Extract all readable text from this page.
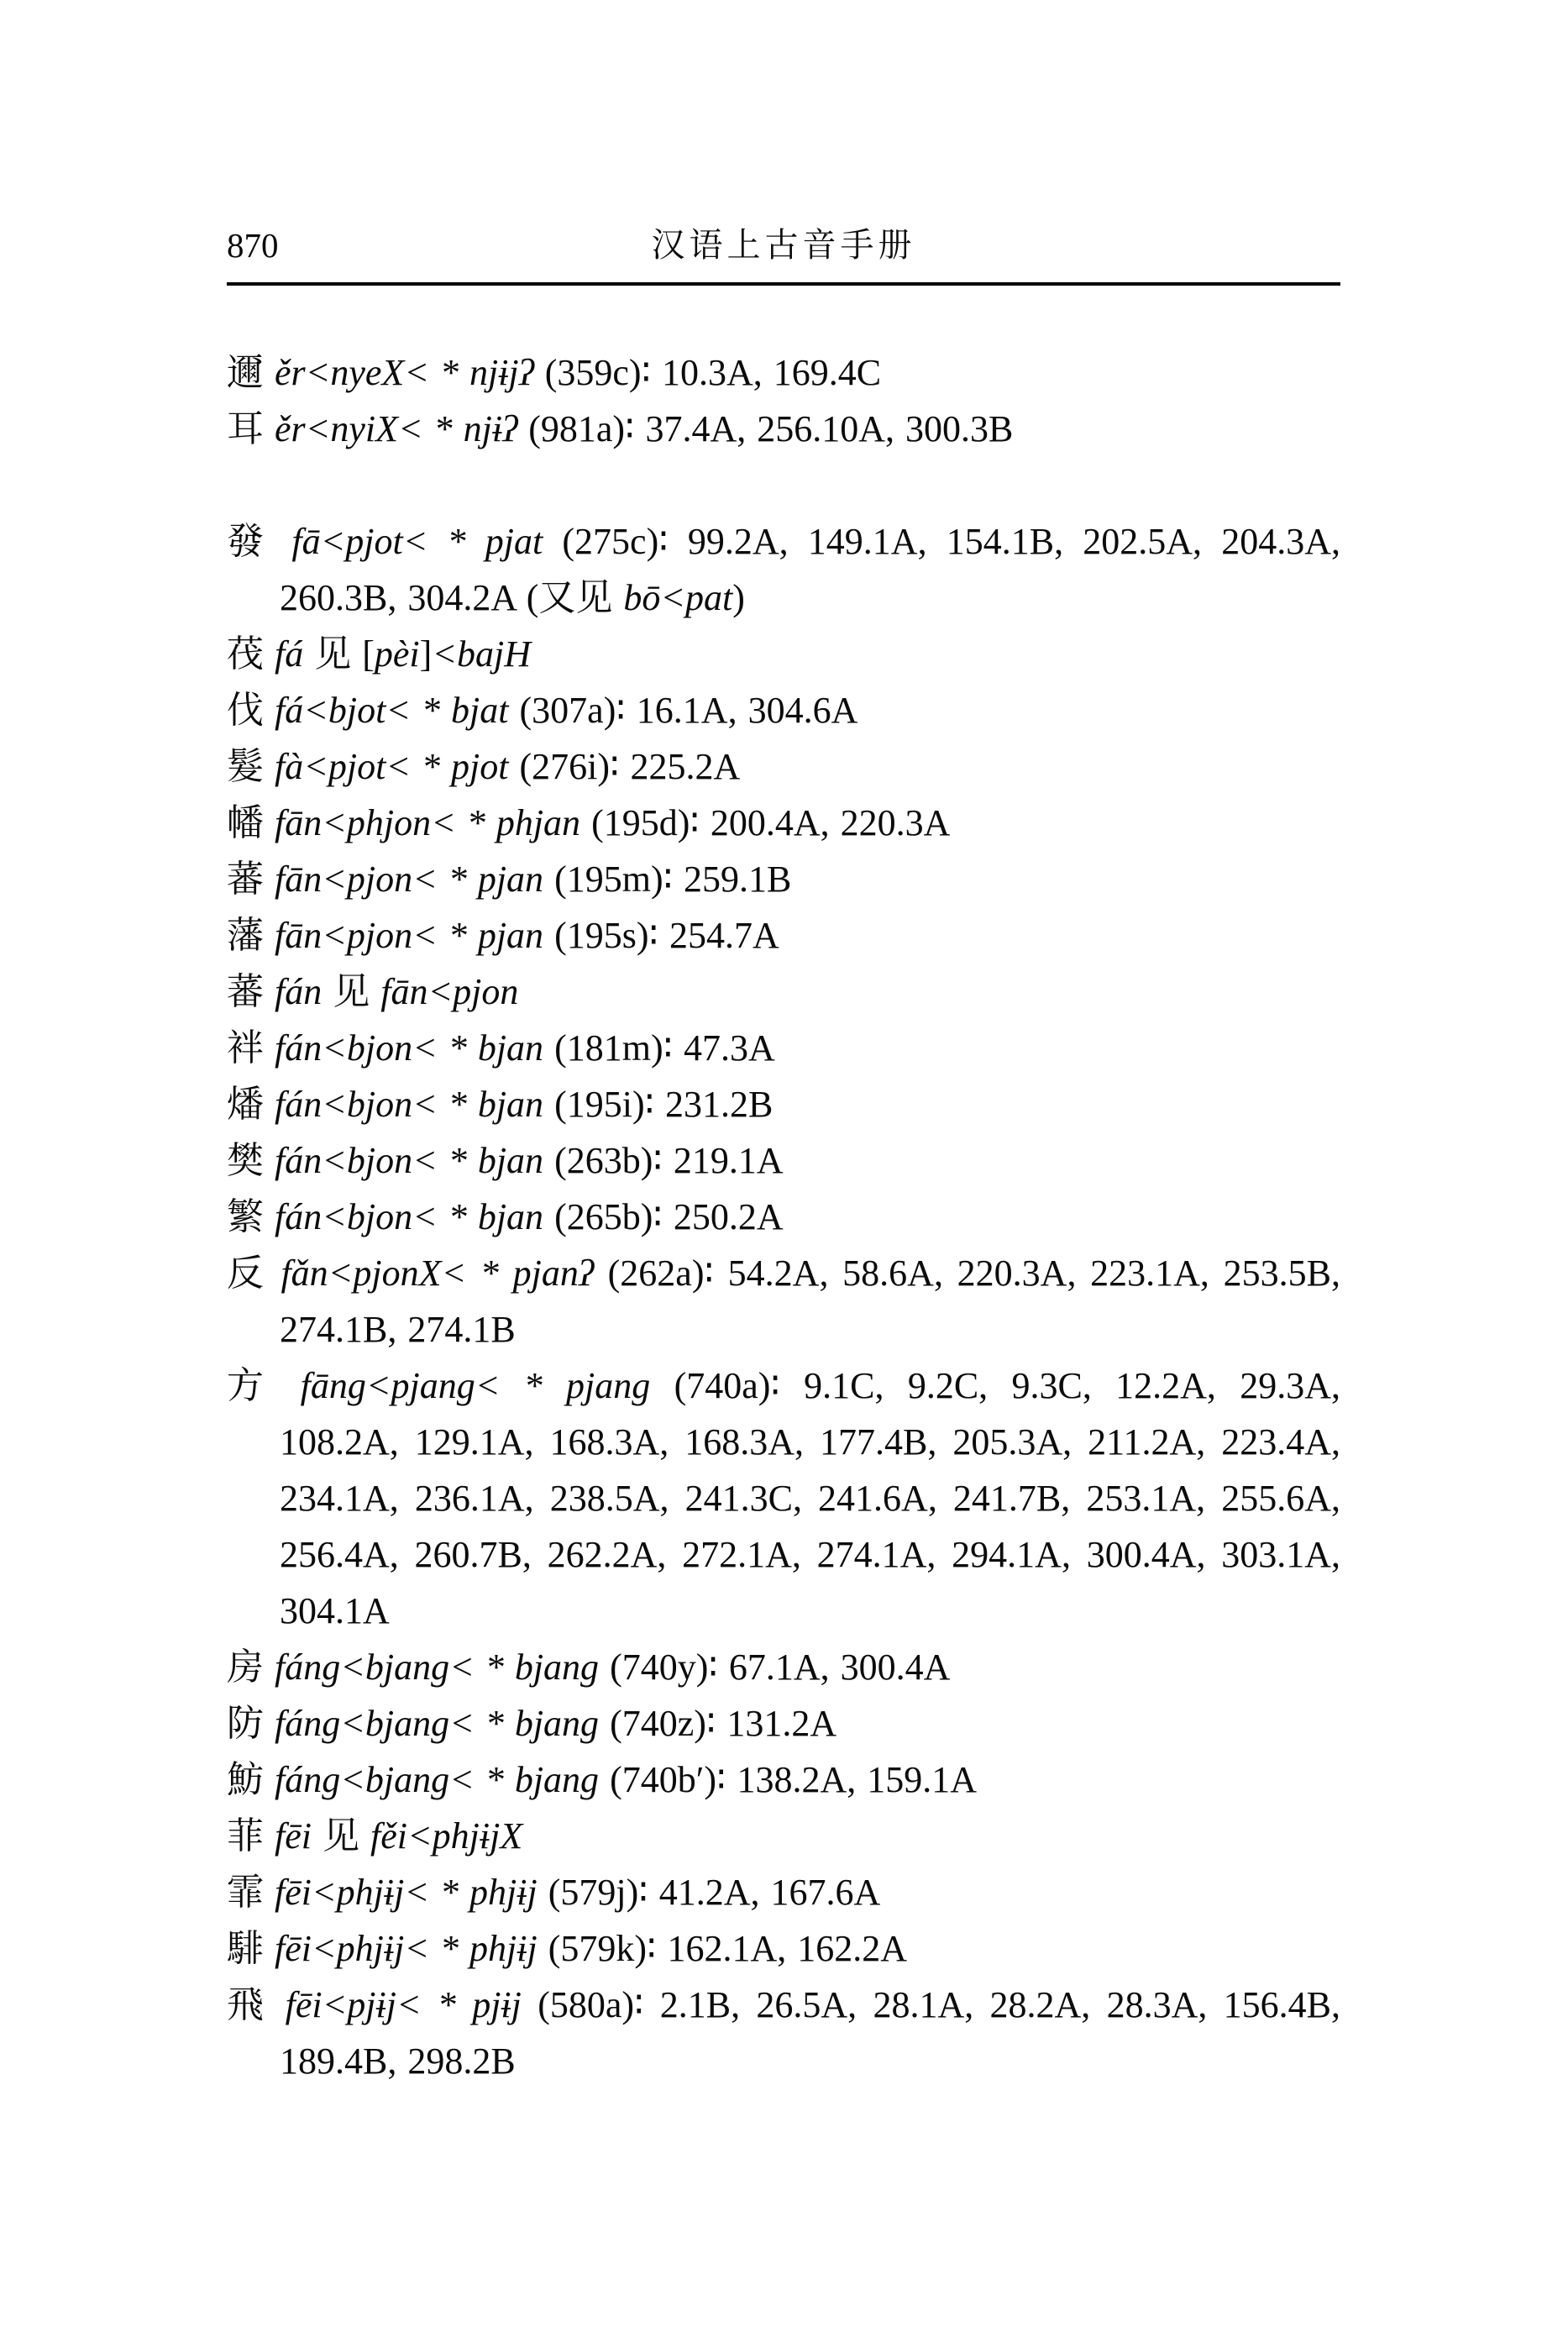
870	汉语上古音手册

邇 ěr<nyeX< * njɨjʔ (359c)∶ 10.3A, 169.4C

耳 ěr<nyiX< * njɨʔ (981a)∶ 37.4A, 256.10A, 300.3B

發 fā<pjot< * pjat (275c)∶ 99.2A, 149.1A, 154.1B, 202.5A, 204.3A, 260.3B, 304.2A (又见 bō<pat)

茷 fá 见 [pèi]<bajH

伐 fá<bjot< * bjat (307a)∶ 16.1A, 304.6A

髮 fà<pjot< * pjot (276i)∶ 225.2A

幡 fān<phjon< * phjan (195d)∶ 200.4A, 220.3A

蕃 fān<pjon< * pjan (195m)∶ 259.1B

藩 fān<pjon< * pjan (195s)∶ 254.7A

蕃 fán 见 fān<pjon

袢 fán<bjon< * bjan (181m)∶ 47.3A

燔 fán<bjon< * bjan (195i)∶ 231.2B

樊 fán<bjon< * bjan (263b)∶ 219.1A

繁 fán<bjon< * bjan (265b)∶ 250.2A

反 fǎn<pjonX< * pjanʔ (262a)∶ 54.2A, 58.6A, 220.3A, 223.1A, 253.5B, 274.1B, 274.1B

方 fāng<pjang< * pjang (740a)∶ 9.1C, 9.2C, 9.3C, 12.2A, 29.3A, 108.2A, 129.1A, 168.3A, 168.3A, 177.4B, 205.3A, 211.2A, 223.4A, 234.1A, 236.1A, 238.5A, 241.3C, 241.6A, 241.7B, 253.1A, 255.6A, 256.4A, 260.7B, 262.2A, 272.1A, 274.1A, 294.1A, 300.4A, 303.1A, 304.1A

房 fáng<bjang< * bjang (740y)∶ 67.1A, 300.4A

防 fáng<bjang< * bjang (740z)∶ 131.2A

魴 fáng<bjang< * bjang (740b′)∶ 138.2A, 159.1A

菲 fēi 见 fěi<phjɨjX

霏 fēi<phjɨj< * phjɨj (579j)∶ 41.2A, 167.6A

騑 fēi<phjɨj< * phjɨj (579k)∶ 162.1A, 162.2A

飛 fēi<pjɨj< * pjɨj (580a)∶ 2.1B, 26.5A, 28.1A, 28.2A, 28.3A, 156.4B, 189.4B, 298.2B
